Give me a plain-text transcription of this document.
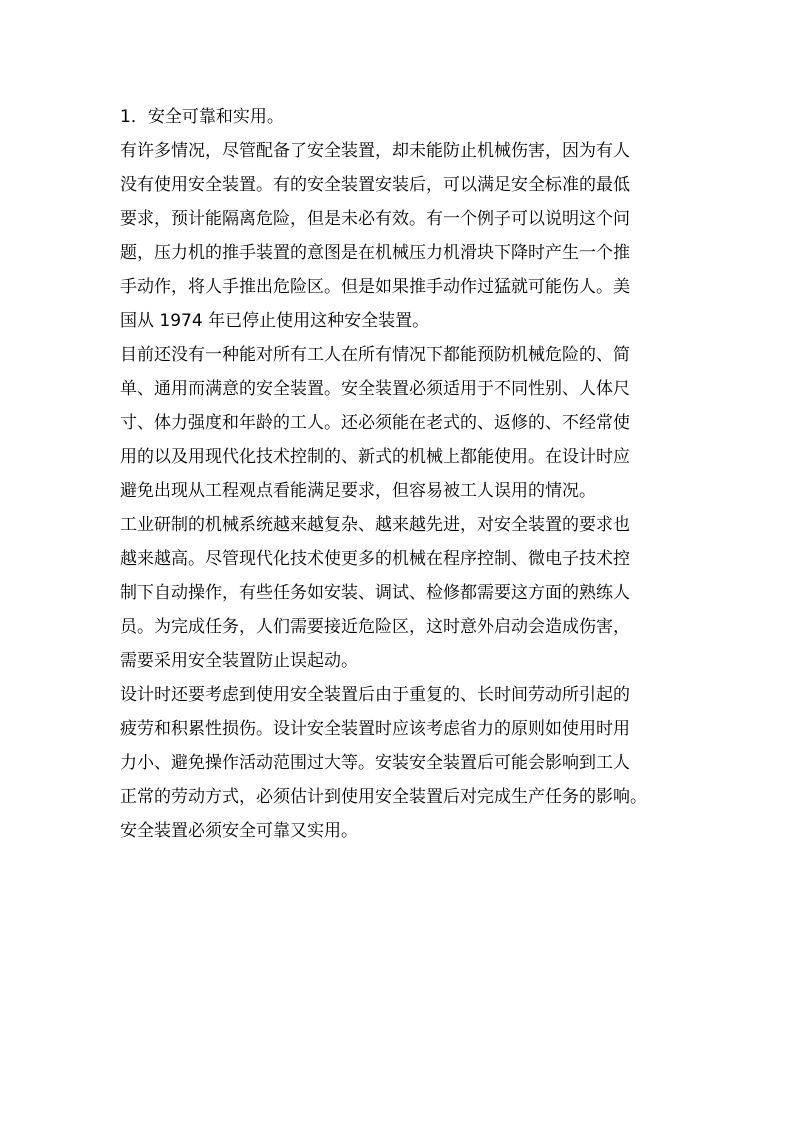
1．安全可靠和实用。
有许多情况，尽管配备了安全装置，却未能防止机械伤害，因为有人
没有使用安全装置。有的安全装置安装后，可以满足安全标准的最低
要求，预计能隔离危险，但是未必有效。有一个例子可以说明这个问
题，压力机的推手装置的意图是在机械压力机滑块下降时产生一个推
手动作，将人手推出危险区。但是如果推手动作过猛就可能伤人。美
国从 1974 年已停止使用这种安全装置。
目前还没有一种能对所有工人在所有情况下都能预防机械危险的、简
单、通用而满意的安全装置。安全装置必须适用于不同性别、人体尺
寸、体力强度和年龄的工人。还必须能在老式的、返修的、不经常使
用的以及用现代化技术控制的、新式的机械上都能使用。在设计时应
避免出现从工程观点看能满足要求，但容易被工人误用的情况。
工业研制的机械系统越来越复杂、越来越先进，对安全装置的要求也
越来越高。尽管现代化技术使更多的机械在程序控制、微电子技术控
制下自动操作，有些任务如安装、调试、检修都需要这方面的熟练人
员。为完成任务，人们需要接近危险区，这时意外启动会造成伤害，
需要采用安全装置防止误起动。
设计时还要考虑到使用安全装置后由于重复的、长时间劳动所引起的
疲劳和积累性损伤。设计安全装置时应该考虑省力的原则如使用时用
力小、避免操作活动范围过大等。安装安全装置后可能会影响到工人
正常的劳动方式，必须估计到使用安全装置后对完成生产任务的影响。
安全装置必须安全可靠又实用。
